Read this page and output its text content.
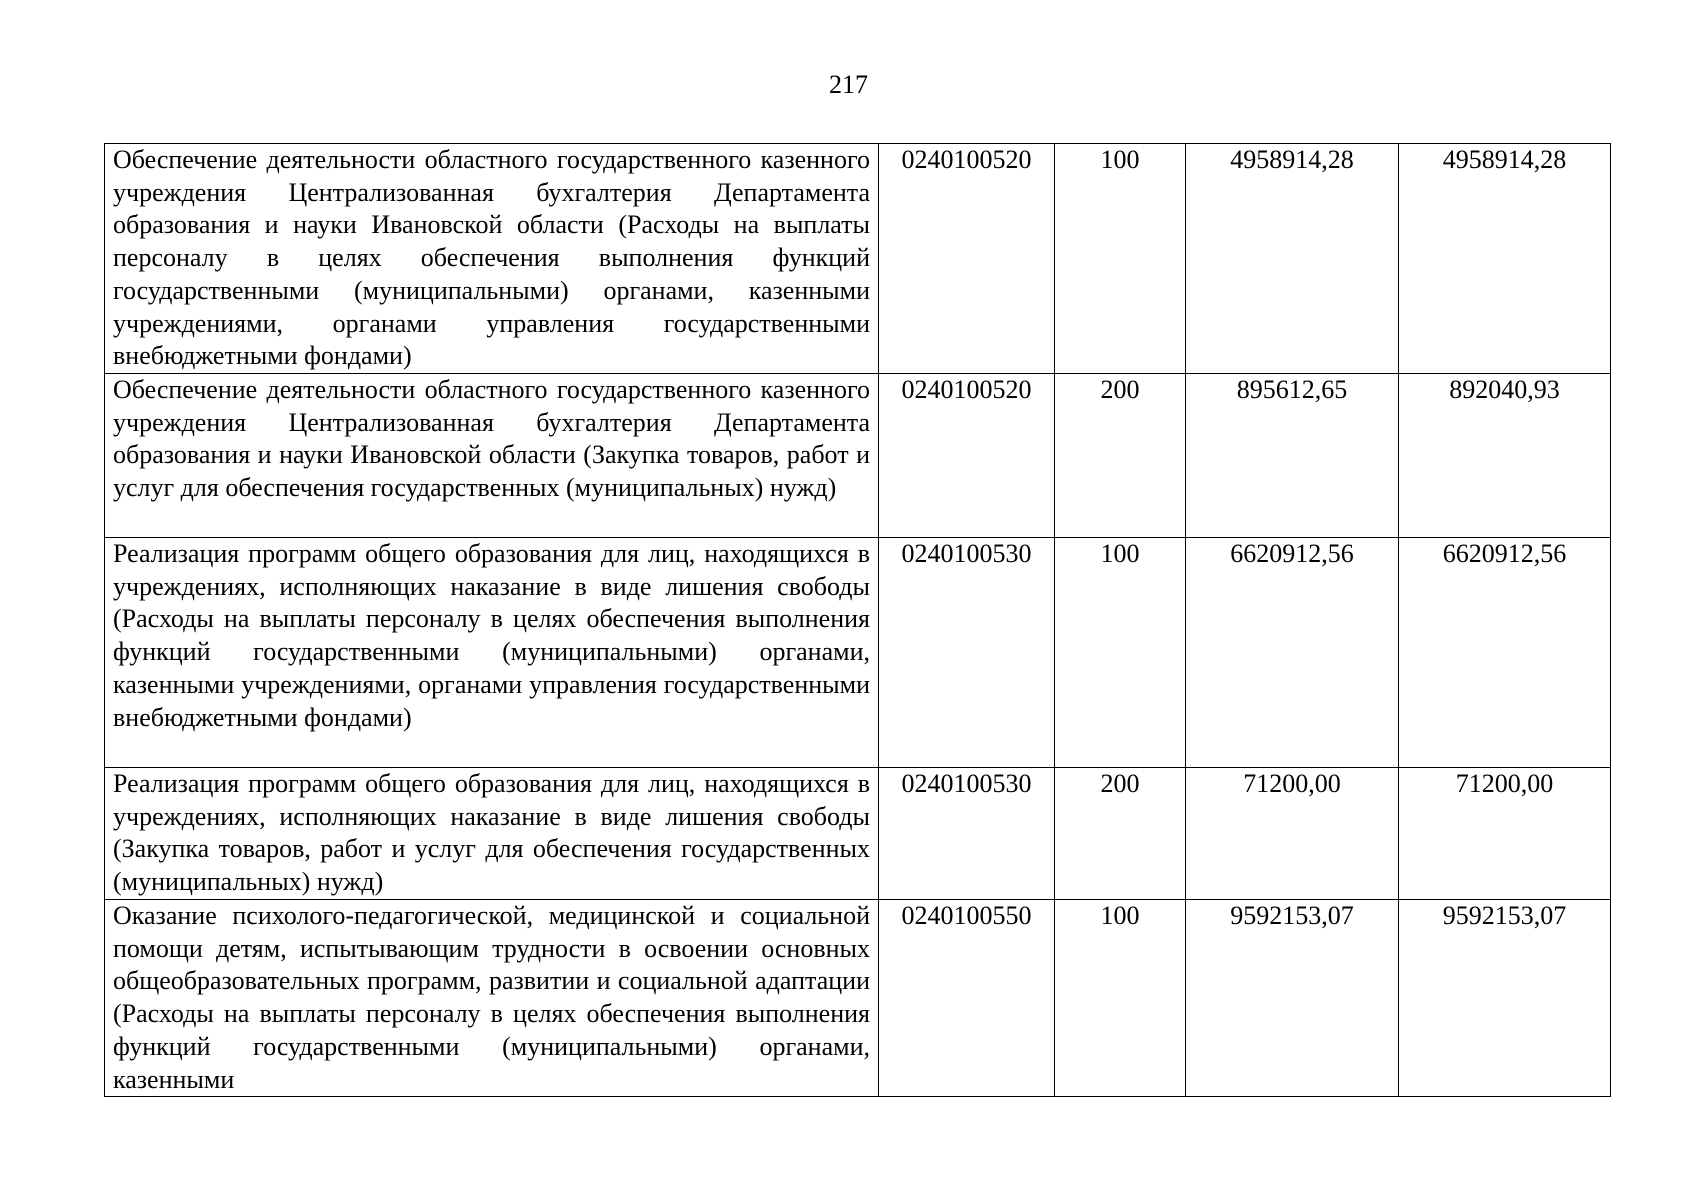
217
Обеспечение деятельности областного государственного казенного учреждения Централизованная бухгалтерия Департамента образования и науки Ивановской области (Расходы на выплаты персоналу в целях обеспечения выполнения функций государственными (муниципальными) органами, казенными учреждениями, органами управления государственными внебюджетными фондами)	0240100520	100	4958914,28	4958914,28
Обеспечение деятельности областного государственного казенного учреждения Централизованная бухгалтерия Департамента образования и науки Ивановской области (Закупка товаров, работ и услуг для обеспечения государственных (муниципальных) нужд)	0240100520	200	895612,65	892040,93
Реализация программ общего образования для лиц, находящихся в учреждениях, исполняющих наказание в виде лишения свободы (Расходы на выплаты персоналу в целях обеспечения выполнения функций государственными (муниципальными) органами, казенными учреждениями, органами управления государственными внебюджетными фондами)	0240100530	100	6620912,56	6620912,56
Реализация программ общего образования для лиц, находящихся в учреждениях, исполняющих наказание в виде лишения свободы (Закупка товаров, работ и услуг для обеспечения государственных (муниципальных) нужд)	0240100530	200	71200,00	71200,00
Оказание психолого-педагогической, медицинской и социальной помощи детям, испытывающим трудности в освоении основных общеобразовательных программ, развитии и социальной адаптации (Расходы на выплаты персоналу в целях обеспечения выполнения функций государственными (муниципальными) органами, казенными	0240100550	100	9592153,07	9592153,07
